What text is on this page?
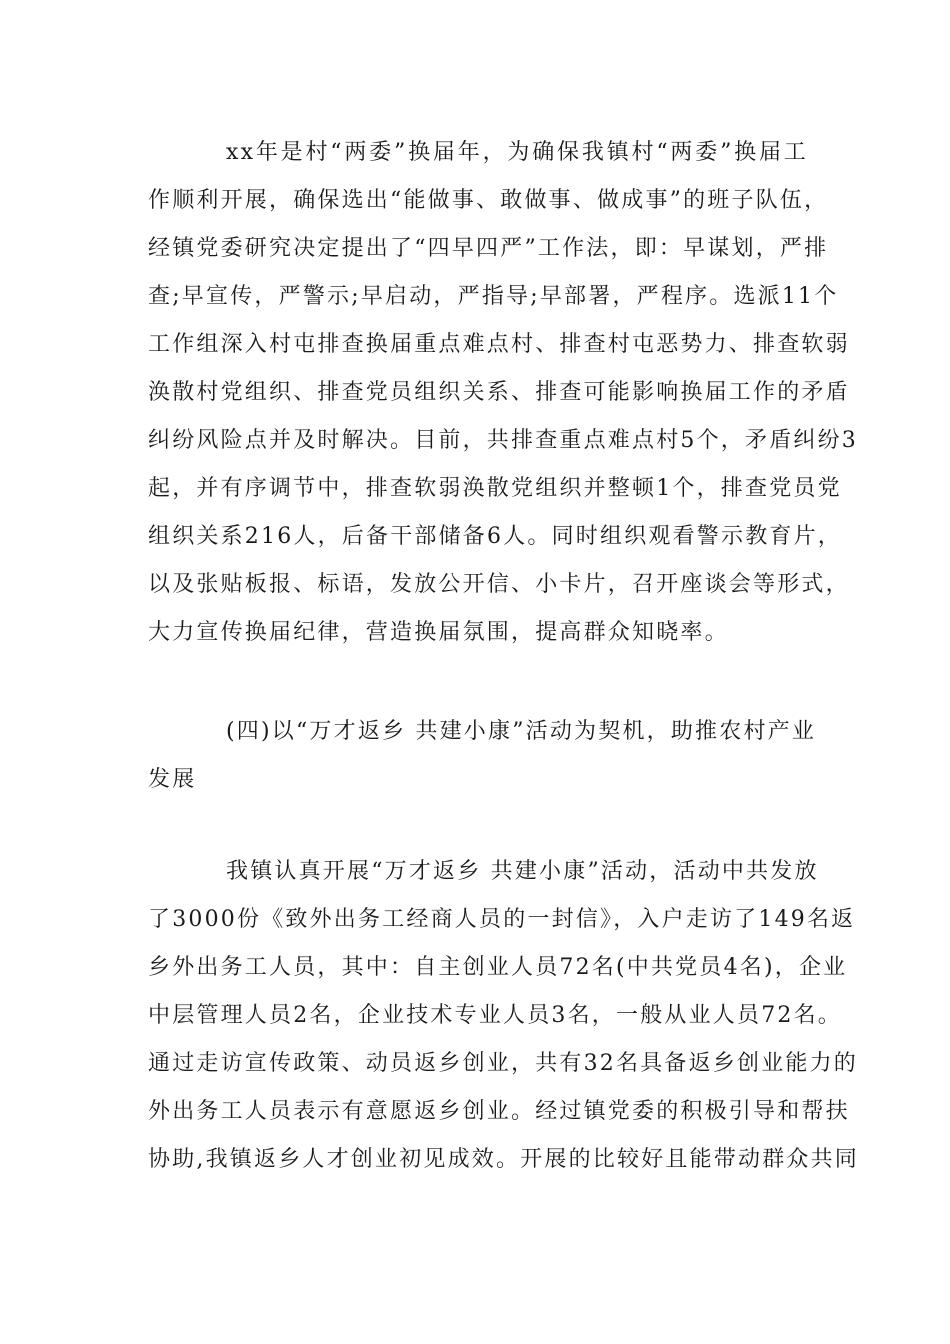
xx年是村“两委”换届年，为确保我镇村“两委”换届工
作顺利开展，确保选出“能做事、敢做事、做成事”的班子队伍，
经镇党委研究决定提出了“四早四严”工作法，即：早谋划，严排
查;早宣传，严警示;早启动，严指导;早部署，严程序。选派11个
工作组深入村屯排查换届重点难点村、排查村屯恶势力、排查软弱
涣散村党组织、排查党员组织关系、排查可能影响换届工作的矛盾
纠纷风险点并及时解决。目前，共排查重点难点村5个，矛盾纠纷3
起，并有序调节中，排查软弱涣散党组织并整顿1个，排查党员党
组织关系216人，后备干部储备6人。同时组织观看警示教育片，
以及张贴板报、标语，发放公开信、小卡片，召开座谈会等形式，
大力宣传换届纪律，营造换届氛围，提高群众知晓率。
(四)以“万才返乡 共建小康”活动为契机，助推农村产业
发展
我镇认真开展“万才返乡 共建小康”活动，活动中共发放
了3000份《致外出务工经商人员的一封信》，入户走访了149名返
乡外出务工人员，其中：自主创业人员72名(中共党员4名)，企业
中层管理人员2名，企业技术专业人员3名，一般从业人员72名。
通过走访宣传政策、动员返乡创业，共有32名具备返乡创业能力的
外出务工人员表示有意愿返乡创业。经过镇党委的积极引导和帮扶
协助,我镇返乡人才创业初见成效。开展的比较好且能带动群众共同
